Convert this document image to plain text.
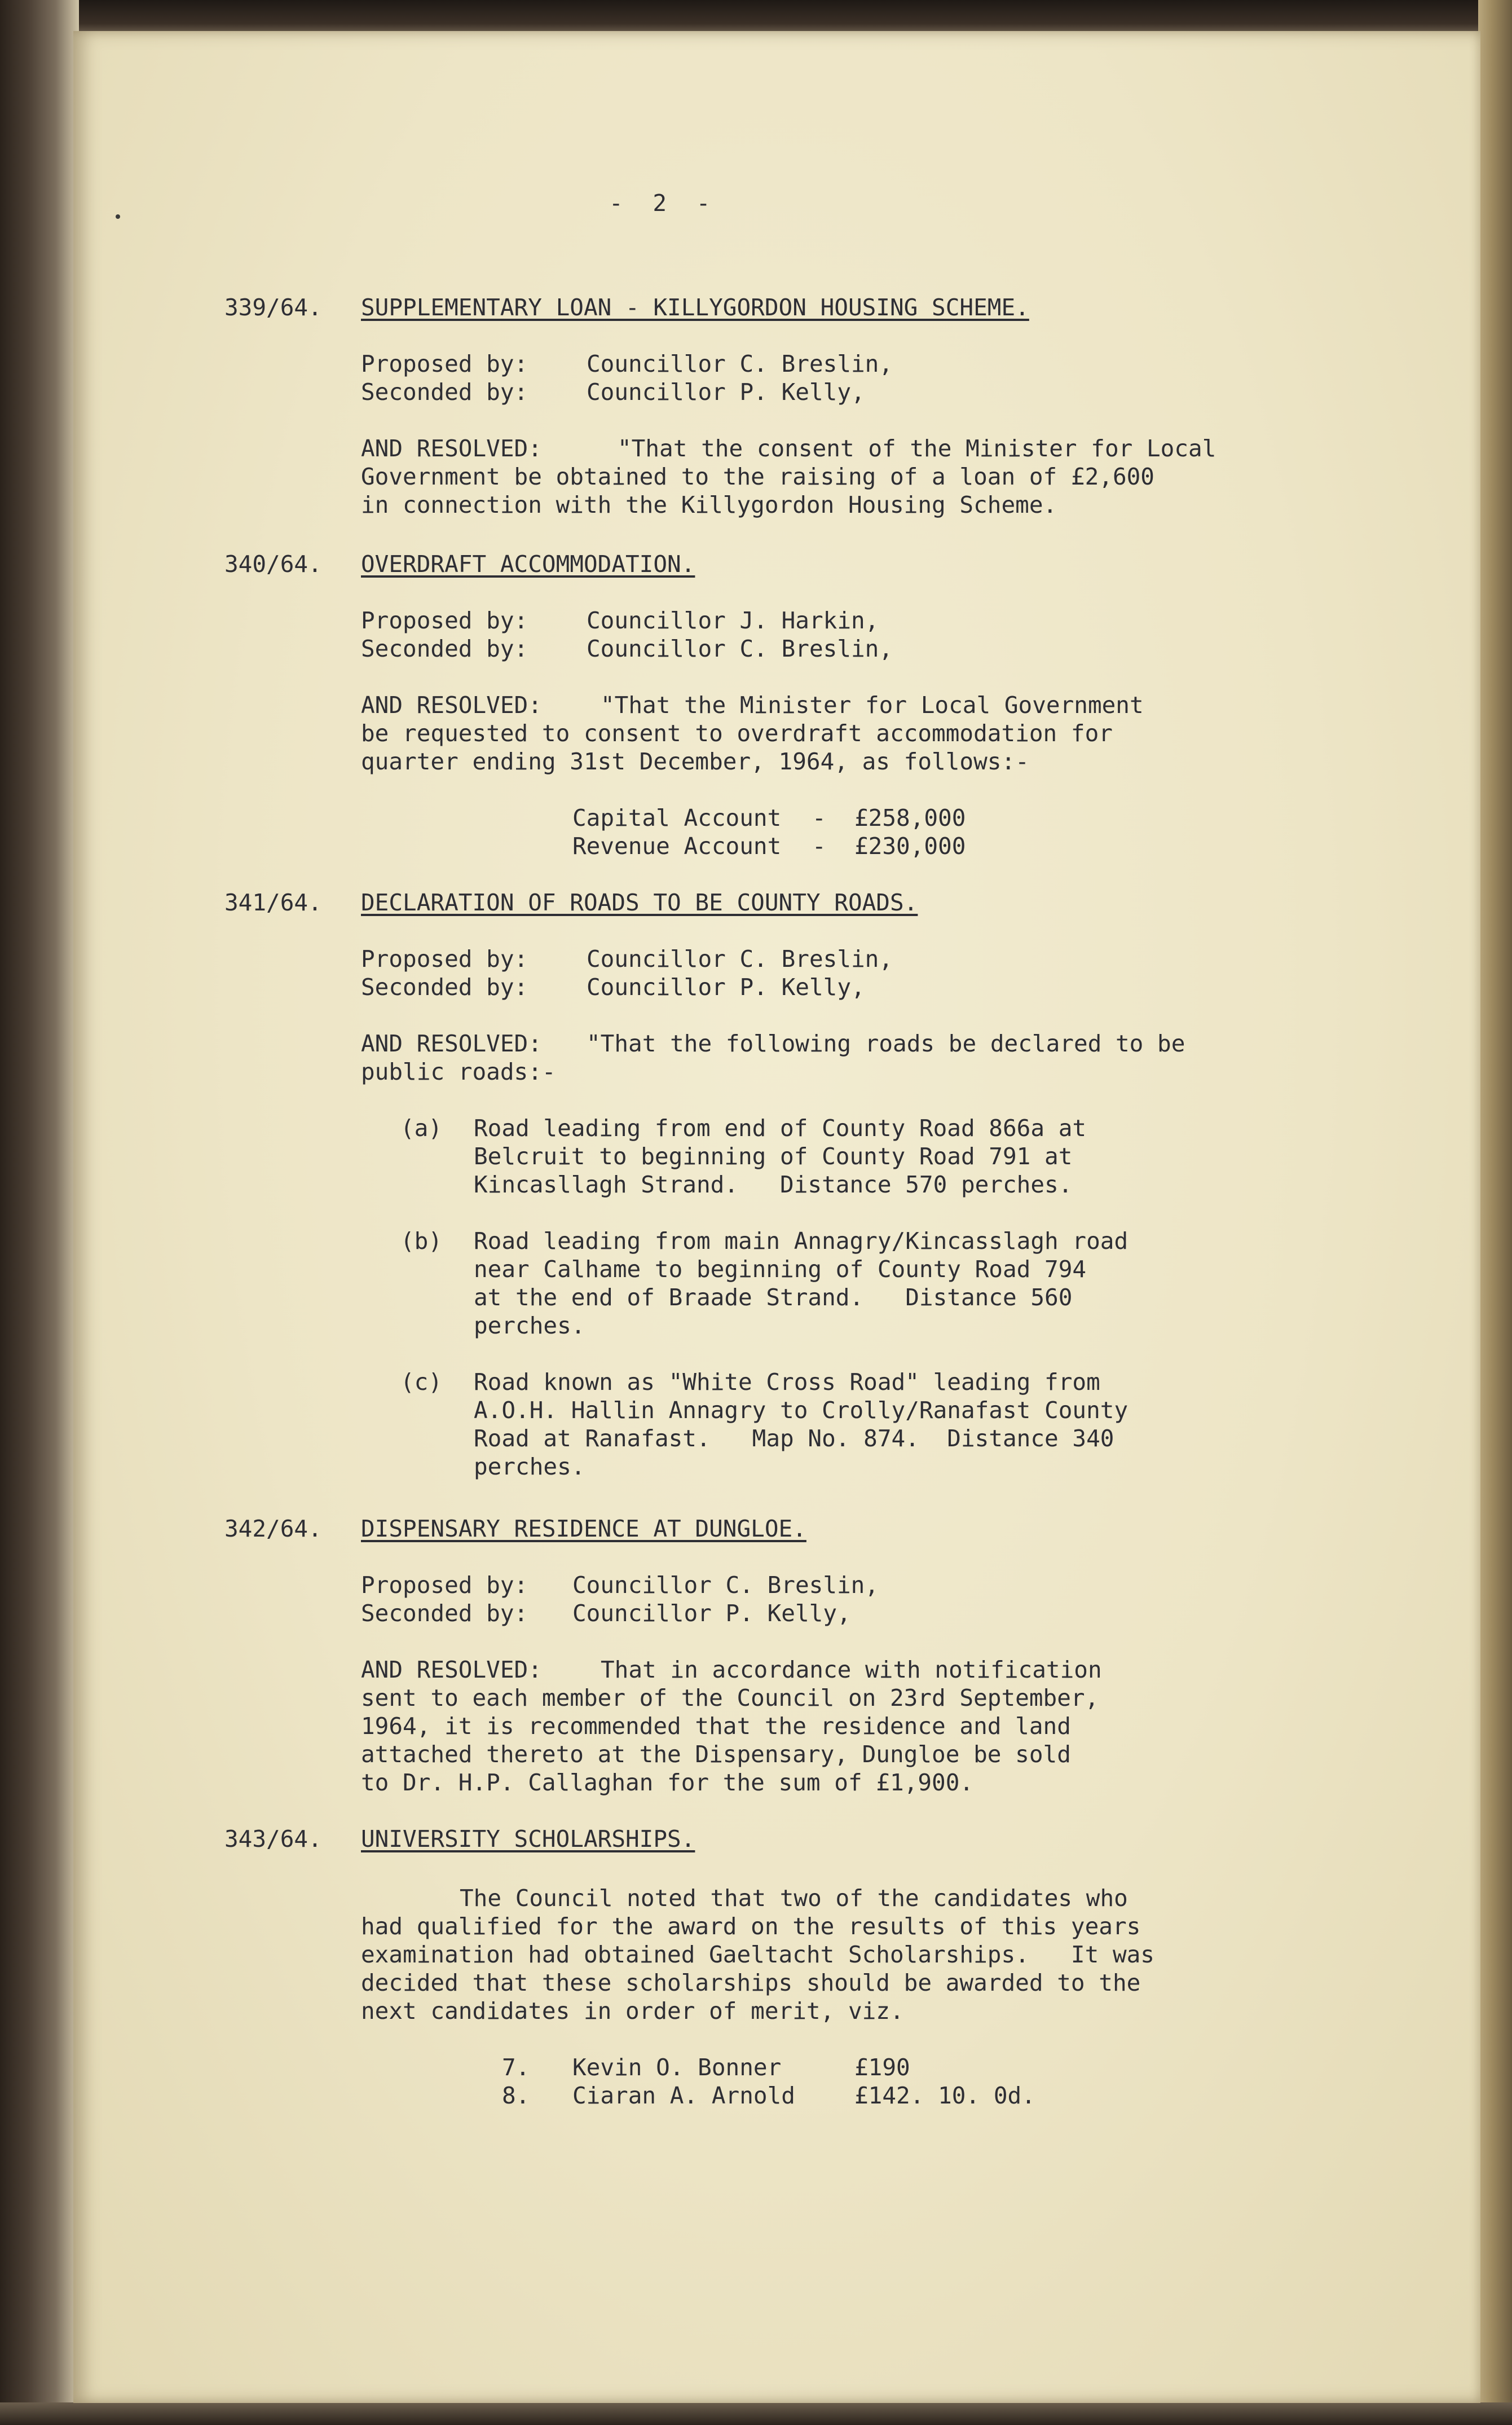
- 2 -
339/64. SUPPLEMENTARY LOAN - KILLYGORDON HOUSING SCHEME.
Proposed by:	Councillor C. Breslin,
Seconded by:	Councillor P. Kelly,
AND RESOLVED:	"That the consent of the Minister for Local
Government be obtained to the raising of a loan of £2,600
in connection with the Killygordon Housing Scheme.
340/64. OVERDRAFT ACCOMMODATION.
Proposed by:	Councillor J. Harkin,
Seconded by:	Councillor C. Breslin,
AND RESOLVED:	"That the Minister for Local Government
be requested to consent to overdraft accommodation for
quarter ending 31st December, 1964, as follows:-
Capital Account - £258,000
Revenue Account - £230,000
341/64. DECLARATION OF ROADS TO BE COUNTY ROADS.
Proposed by:	Councillor C. Breslin,
Seconded by:	Councillor P. Kelly,
AND RESOLVED: "That the following roads be declared to be
public roads:-
(a) Road leading from end of County Road 866a at
Belcruit to beginning of County Road 791 at
Kincasllagh Strand.   Distance 570 perches.
(b) Road leading from main Annagry/Kincasslagh road
near Calhame to beginning of County Road 794
at the end of Braade Strand.   Distance 560
perches.
(c) Road known as "White Cross Road" leading from
A.O.H. Hallin Annagry to Crolly/Ranafast County
Road at Ranafast.   Map No. 874.  Distance 340
perches.
342/64. DISPENSARY RESIDENCE AT DUNGLOE.
Proposed by: Councillor C. Breslin,
Seconded by: Councillor P. Kelly,
AND RESOLVED:	That in accordance with notification
sent to each member of the Council on 23rd September,
1964, it is recommended that the residence and land
attached thereto at the Dispensary, Dungloe be sold
to Dr. H.P. Callaghan for the sum of £1,900.
343/64. UNIVERSITY SCHOLARSHIPS.
The Council noted that two of the candidates who
had qualified for the award on the results of this years
examination had obtained Gaeltacht Scholarships.   It was
decided that these scholarships should be awarded to the
next candidates in order of merit, viz.
7. Kevin O. Bonner	£190
8. Ciaran A. Arnold	£142. 10. 0d.
